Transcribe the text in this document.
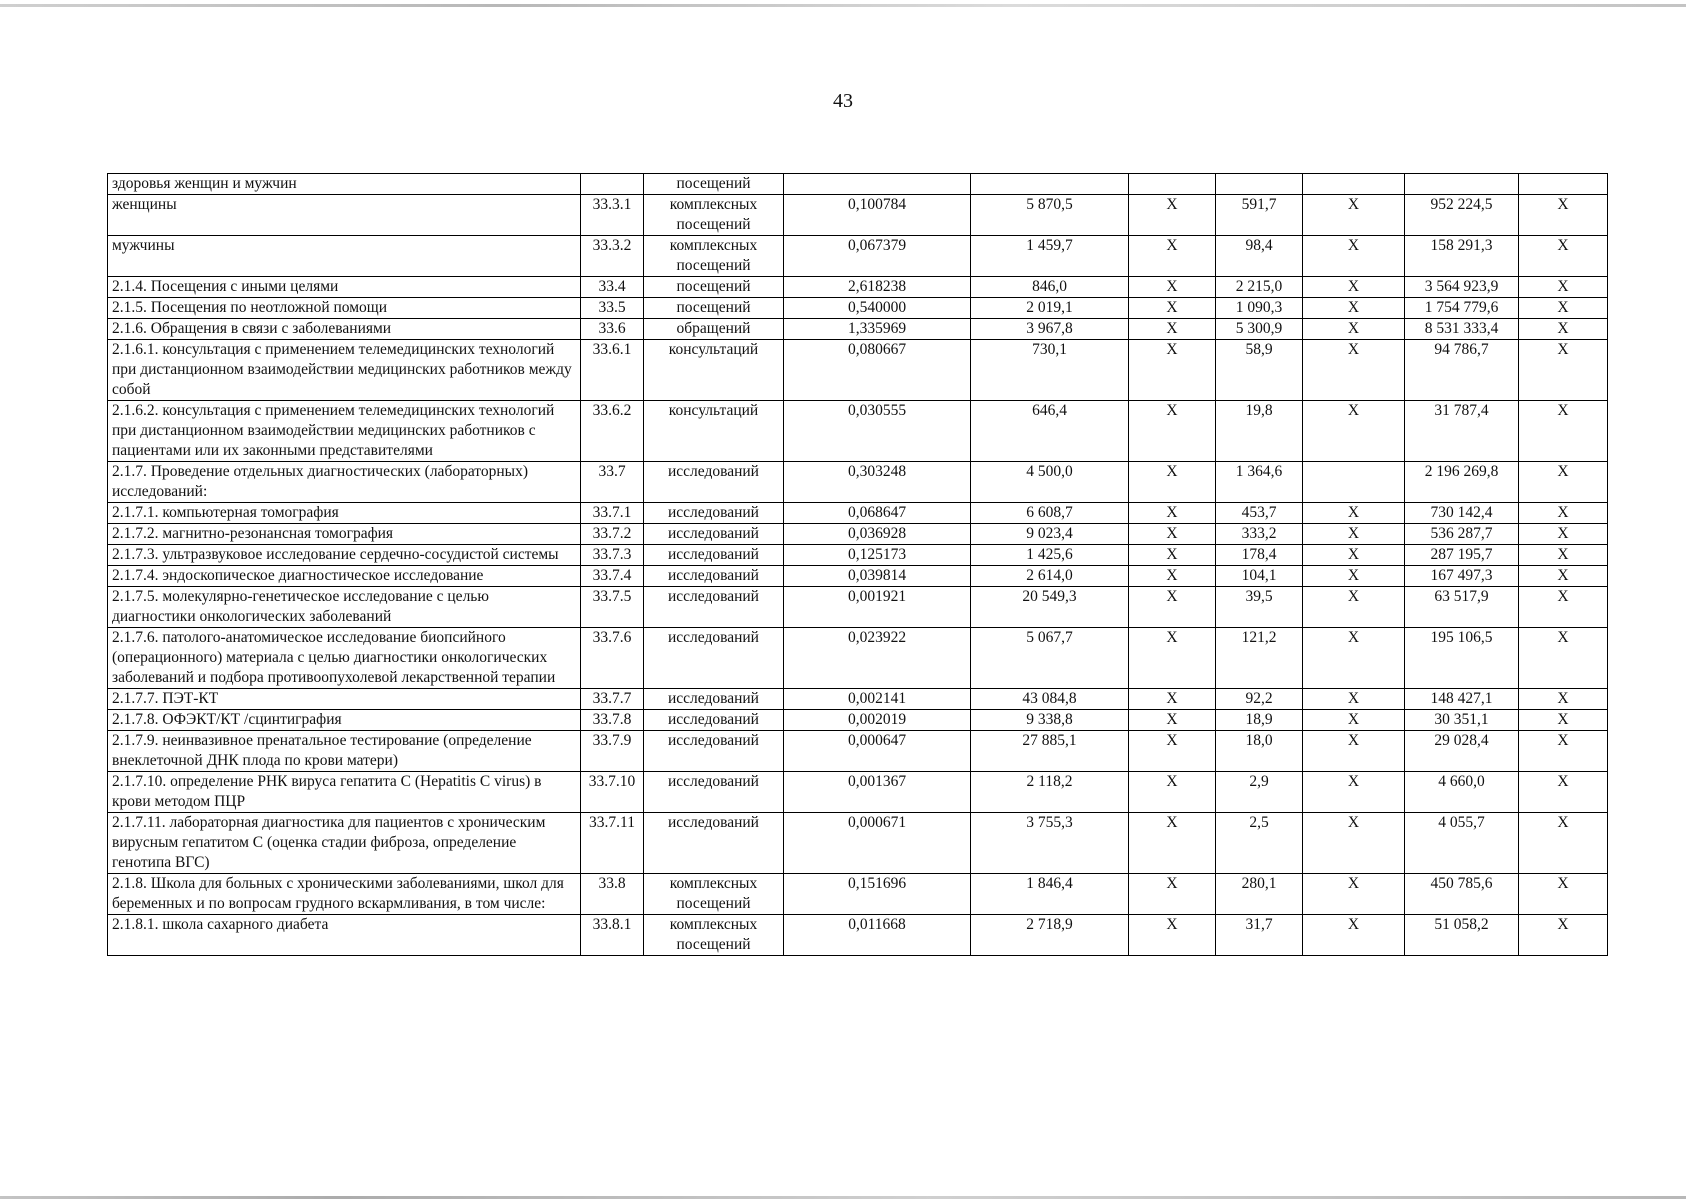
43
здоровья женщин и мужчин		посещений							
женщины	33.3.1	комплексных посещений	0,100784	5 870,5	Х	591,7	Х	952 224,5	Х
мужчины	33.3.2	комплексных посещений	0,067379	1 459,7	Х	98,4	Х	158 291,3	Х
2.1.4. Посещения с иными целями	33.4	посещений	2,618238	846,0	Х	2 215,0	Х	3 564 923,9	Х
2.1.5. Посещения по неотложной помощи	33.5	посещений	0,540000	2 019,1	Х	1 090,3	Х	1 754 779,6	Х
2.1.6. Обращения в связи с заболеваниями	33.6	обращений	1,335969	3 967,8	Х	5 300,9	Х	8 531 333,4	Х
2.1.6.1. консультация с применением телемедицинских технологий при дистанционном взаимодействии медицинских работников между собой	33.6.1	консультаций	0,080667	730,1	Х	58,9	Х	94 786,7	Х
2.1.6.2. консультация с применением телемедицинских технологий при дистанционном взаимодействии медицинских работников с пациентами или их законными представителями	33.6.2	консультаций	0,030555	646,4	Х	19,8	Х	31 787,4	Х
2.1.7. Проведение отдельных диагностических (лабораторных) исследований:	33.7	исследований	0,303248	4 500,0	Х	1 364,6		2 196 269,8	Х
2.1.7.1. компьютерная томография	33.7.1	исследований	0,068647	6 608,7	Х	453,7	Х	730 142,4	Х
2.1.7.2. магнитно-резонансная томография	33.7.2	исследований	0,036928	9 023,4	Х	333,2	Х	536 287,7	Х
2.1.7.3. ультразвуковое исследование сердечно-сосудистой системы	33.7.3	исследований	0,125173	1 425,6	Х	178,4	Х	287 195,7	Х
2.1.7.4. эндоскопическое диагностическое исследование	33.7.4	исследований	0,039814	2 614,0	Х	104,1	Х	167 497,3	Х
2.1.7.5. молекулярно-генетическое исследование с целью диагностики онкологических заболеваний	33.7.5	исследований	0,001921	20 549,3	Х	39,5	Х	63 517,9	Х
2.1.7.6. патолого-анатомическое исследование биопсийного (операционного) материала с целью диагностики онкологических заболеваний и подбора противоопухолевой лекарственной терапии	33.7.6	исследований	0,023922	5 067,7	Х	121,2	Х	195 106,5	Х
2.1.7.7. ПЭТ-КТ	33.7.7	исследований	0,002141	43 084,8	Х	92,2	Х	148 427,1	Х
2.1.7.8. ОФЭКТ/КТ /сцинтиграфия	33.7.8	исследований	0,002019	9 338,8	Х	18,9	Х	30 351,1	Х
2.1.7.9. неинвазивное пренатальное тестирование (определение внеклеточной ДНК плода по крови матери)	33.7.9	исследований	0,000647	27 885,1	Х	18,0	Х	29 028,4	Х
2.1.7.10. определение РНК вируса гепатита С (Hepatitis C virus) в крови методом ПЦР	33.7.10	исследований	0,001367	2 118,2	Х	2,9	Х	4 660,0	Х
2.1.7.11. лабораторная диагностика для пациентов с хроническим вирусным гепатитом С (оценка стадии фиброза, определение генотипа ВГС)	33.7.11	исследований	0,000671	3 755,3	Х	2,5	Х	4 055,7	Х
2.1.8. Школа для больных с хроническими заболеваниями, школ для беременных и по вопросам грудного вскармливания, в том числе:	33.8	комплексных посещений	0,151696	1 846,4	Х	280,1	Х	450 785,6	Х
2.1.8.1. школа сахарного диабета	33.8.1	комплексных посещений	0,011668	2 718,9	Х	31,7	Х	51 058,2	Х
